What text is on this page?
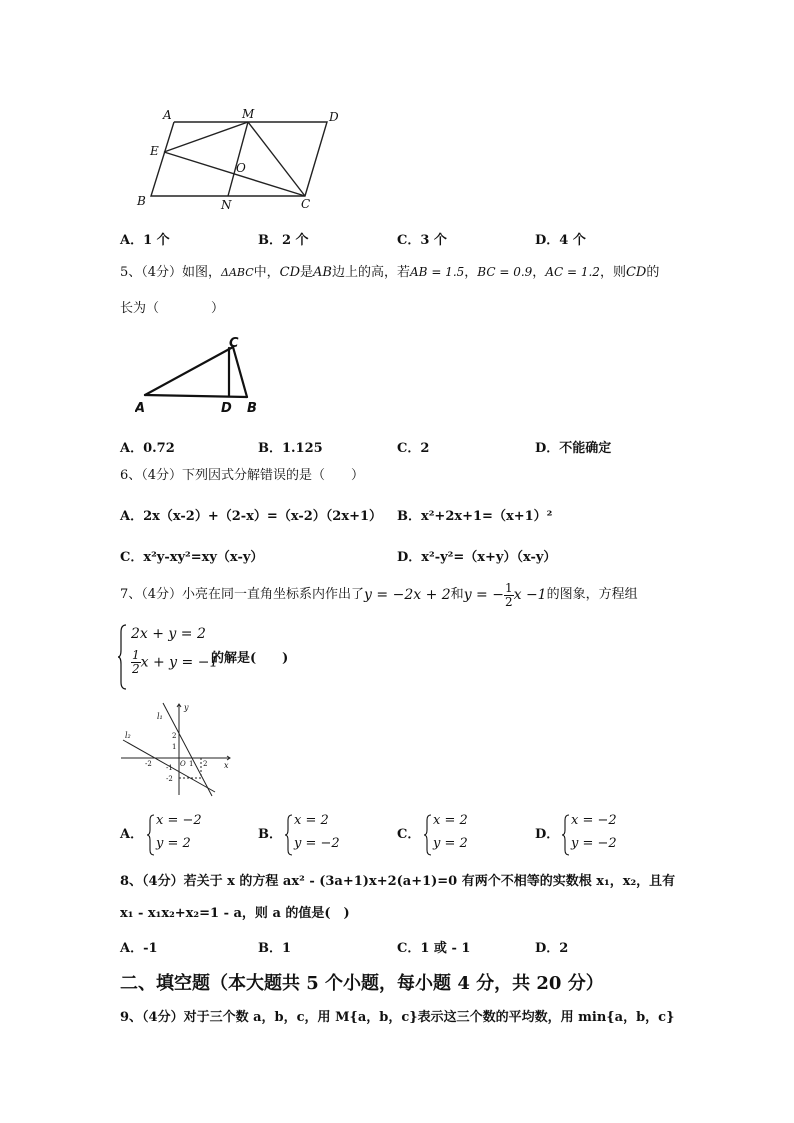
A	M	D
E
O
B	N	C
A．1 个	B．2 个	C．3 个	D．4 个
5、（4分）如图，ΔABC中，CD是AB边上的高，若AB = 1.5，BC = 0.9，AC = 1.2，则CD的
长为（	）
C
A	D B
A．0.72	B．1.125	C．2	D．不能确定
6、（4分）下列因式分解错误的是（　　）
A．2x（x-2）+（2-x）=（x-2）（2x+1） B．x²+2x+1=（x+1）²
C．x²y-xy²=xy（x-y）	D．x²-y²=（x+y）（x-y）
7、（4分）小亮在同一直角坐标系内作出了y = −2x + 2和y = − $\frac{1}{2}$ x −1的图象，方程组
2x + y = 2
$\frac{1}{2}$ x + y = −1
的解是(　　)
l₁
l₂
y
x
2
1
-1
-2
O 1 2
-2
A．
x = −2
y = 2
B．
x = 2
y = −2
C．
x = 2
y = 2
D．
x = −2
y = −2
8、（4分）若关于 x 的方程 ax² - (3a+1)x+2(a+1)=0 有两个不相等的实数根 x₁，x₂，且有
x₁ - x₁x₂+x₂=1 - a，则 a 的值是(　)
A．-1	B．1	C．1 或 - 1	D．2
二、填空题（本大题共 5 个小题，每小题 4 分，共 20 分）
9、（4分）对于三个数 a，b，c，用 M{a，b，c}表示这三个数的平均数，用 min{a，b，c}
